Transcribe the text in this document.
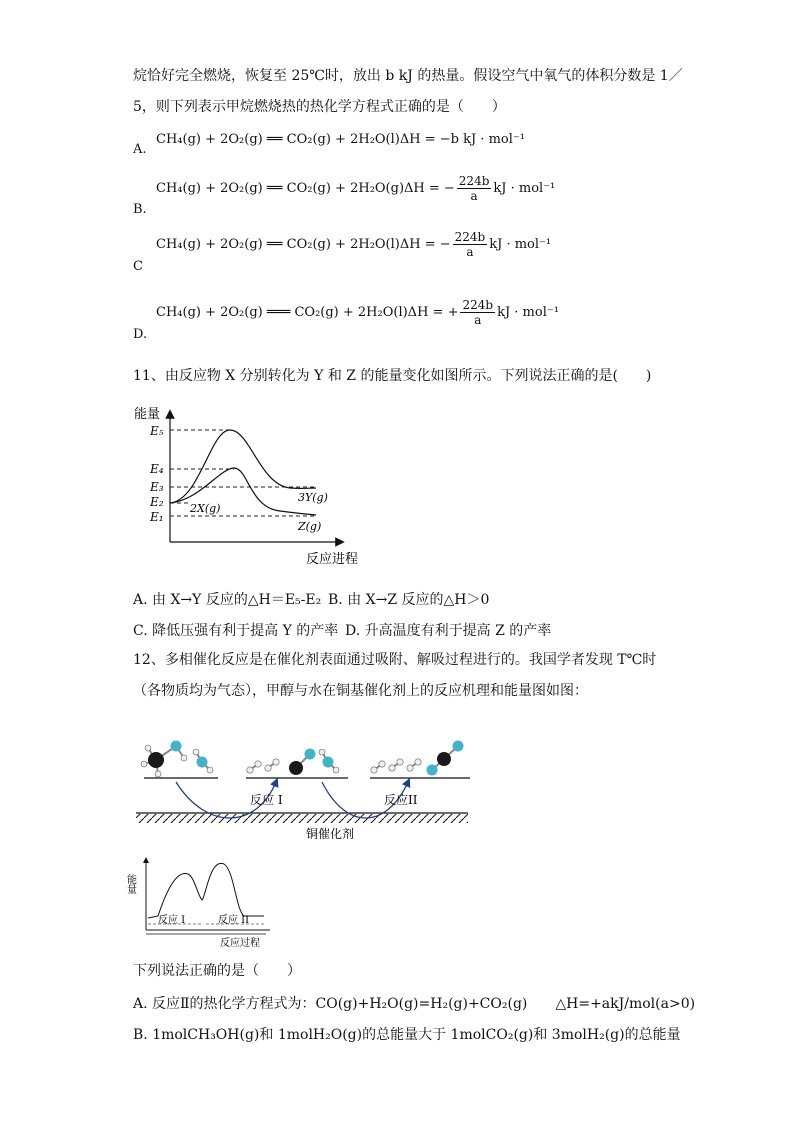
烷恰好完全燃烧，恢复至 25℃时，放出 b kJ 的热量。假设空气中氧气的体积分数是 1／
5，则下列表示甲烷燃烧热的热化学方程式正确的是（　　）
A.
CH₄(g) + 2O₂(g) ══ CO₂(g) + 2H₂O(l)ΔH = −b kJ · mol⁻¹
B.
CH₄(g) + 2O₂(g) ══ CO₂(g) + 2H₂O(g)ΔH = − $\frac{224b}{a}$ kJ · mol⁻¹
C
CH₄(g) + 2O₂(g) ══ CO₂(g) + 2H₂O(l)ΔH = − $\frac{224b}{a}$ kJ · mol⁻¹
D.
CH₄(g) + 2O₂(g) ═══ CO₂(g) + 2H₂O(l)ΔH = + $\frac{224b}{a}$ kJ · mol⁻¹
11、由反应物 X 分别转化为 Y 和 Z 的能量变化如图所示。下列说法正确的是(　　)
能量
反应进程
E₅
E₄
E₃
E₂
E₁
2X(g)
3Y(g)
Z(g)
A. 由 X→Y 反应的△H＝E₅-E₂ B. 由 X→Z 反应的△H＞0
C. 降低压强有利于提高 Y 的产率 D. 升高温度有利于提高 Z 的产率
12、多相催化反应是在催化剂表面通过吸附、解吸过程进行的。我国学者发现 T℃时
（各物质均为气态），甲醇与水在铜基催化剂上的反应机理和能量图如图：
铜催化剂
反应 I	反应II
能量
反应 I	反应 II
反应过程
下列说法正确的是（　　）
A. 反应Ⅱ的热化学方程式为：CO(g)+H₂O(g)=H₂(g)+CO₂(g)　　△H=+akJ/mol(a>0)
B. 1molCH₃OH(g)和 1molH₂O(g)的总能量大于 1molCO₂(g)和 3molH₂(g)的总能量
